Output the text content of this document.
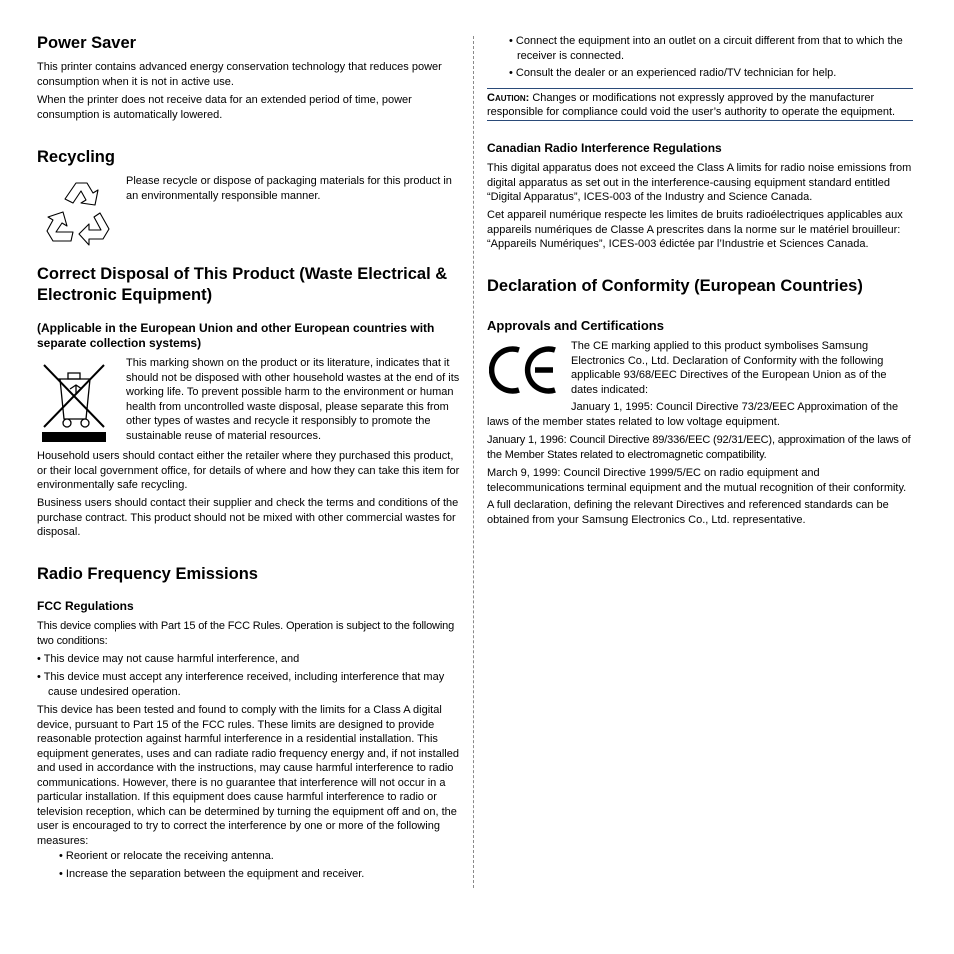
Power Saver

This printer contains advanced energy conservation technology that reduces power consumption when it is not in active use.

When the printer does not receive data for an extended period of time, power consumption is automatically lowered.

Recycling

Please recycle or dispose of packaging materials for this product in an environmentally responsible manner.

Correct Disposal of This Product (Waste Electrical & Electronic Equipment)
(Applicable in the European Union and other European countries with separate collection systems)

This marking shown on the product or its literature, indicates that it should not be disposed with other household wastes at the end of its working life. To prevent possible harm to the environment or human health from uncontrolled waste disposal, please separate this from other types of wastes and recycle it responsibly to promote the sustainable reuse of material resources.

Household users should contact either the retailer where they purchased this product, or their local government office, for details of where and how they can take this item for environmentally safe recycling.

Business users should contact their supplier and check the terms and conditions of the purchase contract. This product should not be mixed with other commercial wastes for disposal.

Radio Frequency Emissions
FCC Regulations

This device complies with Part 15 of the FCC Rules. Operation is subject to the following two conditions:

• This device may not cause harmful interference, and

• This device must accept any interference received, including interference that may cause undesired operation.

This device has been tested and found to comply with the limits for a Class A digital device, pursuant to Part 15 of the FCC rules. These limits are designed to provide reasonable protection against harmful interference in a residential installation. This equipment generates, uses and can radiate radio frequency energy and, if not installed and used in accordance with the instructions, may cause harmful interference to radio communications. However, there is no guarantee that interference will not occur in a particular installation. If this equipment does cause harmful interference to radio or television reception, which can be determined by turning the equipment off and on, the user is encouraged to try to correct the interference by one or more of the following measures:

• Reorient or relocate the receiving antenna.

• Increase the separation between the equipment and receiver.

• Connect the equipment into an outlet on a circuit different from that to which the receiver is connected.

• Consult the dealer or an experienced radio/TV technician for help.

Caution: Changes or modifications not expressly approved by the manufacturer responsible for compliance could void the user’s authority to operate the equipment.

Canadian Radio Interference Regulations

This digital apparatus does not exceed the Class A limits for radio noise emissions from digital apparatus as set out in the interference-causing equipment standard entitled “Digital Apparatus”, ICES-003 of the Industry and Science Canada.

Cet appareil numérique respecte les limites de bruits radioélectriques applicables aux appareils numériques de Classe A prescrites dans la norme sur le matériel brouilleur: “Appareils Numériques”, ICES-003 édictée par l’Industrie et Sciences Canada.

Declaration of Conformity (European Countries)
Approvals and Certifications

The CE marking applied to this product symbolises Samsung Electronics Co., Ltd. Declaration of Conformity with the following applicable 93/68/EEC Directives of the European Union as of the dates indicated:

January 1, 1995: Council Directive 73/23/EEC Approximation of the laws of the member states related to low voltage equipment.

January 1, 1996: Council Directive 89/336/EEC (92/31/EEC), approximation of the laws of the Member States related to electromagnetic compatibility.

March 9, 1999: Council Directive 1999/5/EC on radio equipment and telecommunications terminal equipment and the mutual recognition of their conformity.

A full declaration, defining the relevant Directives and referenced standards can be obtained from your Samsung Electronics Co., Ltd. representative.
